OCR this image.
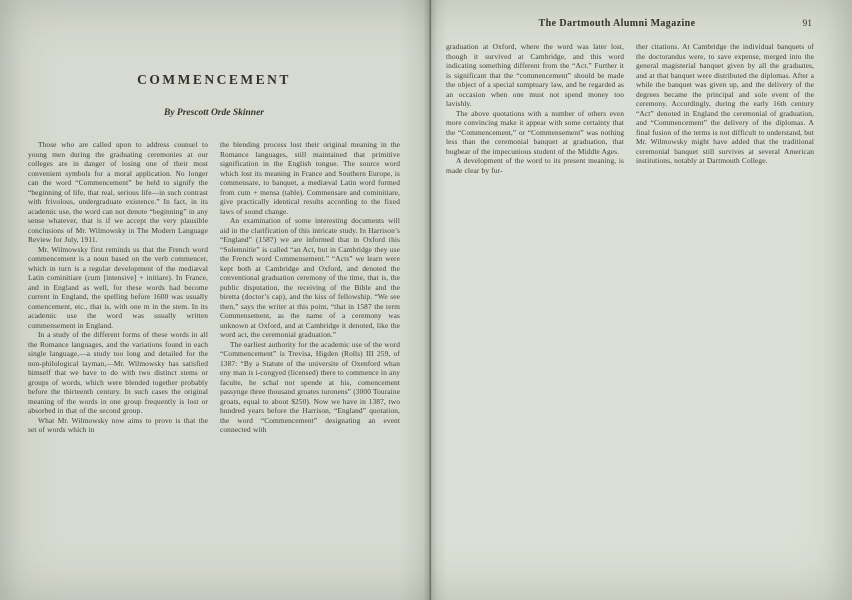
COMMENCEMENT
By Prescott Orde Skinner

Those who are called upon to address counsel to young men during the graduating ceremonies at our colleges are in danger of losing one of their most convenient symbols for a moral application. No longer can the word “Commencement” be held to signify the “beginning of life, that real, serious life—in such contrast with frivolous, undergraduate existence.” In fact, in its academic use, the word can not denote “beginning” in any sense whatever, that is if we accept the very plausible conclusions of Mr. Wilmowsky in The Modern Language Review for July, 1911.

Mr. Wilmowsky first reminds us that the French word commencement is a noun based on the verb commencer, which in turn is a regular development of the mediæval Latin cominitiare (cum [intensive] + initiare). In France, and in England as well, for these words had become current in England, the spelling before 1600 was usually comencement, etc., that is, with one m in the stem. In its academic use the word was usually written commensement in England.

In a study of the different forms of these words in all the Romance languages, and the variations found in each single language,—a study too long and detailed for the non-philological layman,—Mr. Wilmowsky has satisfied himself that we have to do with two distinct stems or groups of words, which were blended together probably before the thirteenth century. In such cases the original meaning of the words in one group frequently is lost or absorbed in that of the second group.

What Mr. Wilmowsky now aims to prove is that the set of words which in

the blending process lost their original meaning in the Romance languages, still maintained that primitive signification in the English tongue. The source word which lost its meaning in France and Southern Europe, is commensare, to banquet, a mediæval Latin word formed from cum + mensa (table). Commensare and cominitiare, give practically identical results according to the fixed laws of sound change.

An examination of some interesting documents will aid in the clarification of this intricate study. In Harrison’s “England” (1587) we are informed that in Oxford this “Solemnitie” is called “an Act, but in Cambridge they use the French word Commensement.” “Acts” we learn were kept both at Cambridge and Oxford, and denoted the conventional graduation ceremony of the time, that is, the public disputation, the receiving of the Bible and the biretta (doctor’s cap), and the kiss of fellowship. “We see then,” says the writer at this point, “that in 1587 the term Commensement, as the name of a ceremony was unknown at Oxford, and at Cambridge it denoted, like the word act, the ceremonial graduation.”

The earliest authority for the academic use of the word “Commencement” is Trevisa, Higden (Rolls) III 259, of 1387: “By a Statute of the universite of Oxenford whan eny man is i-congyed (licensed) there to commence in any faculte, he schal not spende at his, comencement passynge three thousand groates turonens” (3000 Touraine groats, equal to about $250). Now we have in 1387, two hundred years before the Harrison, “England” quotation, the word “Commencement” designating an event connected with

The Dartmouth Alumni Magazine	91

graduation at Oxford, where the word was later lost, though it survived at Cambridge, and this word indicating something different from the “Act.” Further it is significant that the “commencement” should be made the object of a special sumptuary law, and be regarded as an occasion when one must not spend money too lavishly.

The above quotations with a number of others even more convincing make it appear with some certainty that the “Commencement,” or “Commensement” was nothing less than the ceremonial banquet at graduation, that bugbear of the impecunious student of the Middle Ages.

A development of the word to its present meaning, is made clear by fur-

ther citations. At Cambridge the individual banquets of the doctorandus were, to save expense, merged into the general magisterial banquet given by all the graduates, and at that banquet were distributed the diplomas. After a while the banquet was given up, and the delivery of the degrees became the principal and sole event of the ceremony. Accordingly, during the early 16th century “Act” denoted in England the ceremonial of graduation, and “Commencement” the delivery of the diplomas. A final fusion of the terms is not difficult to understand, but Mr. Wilmowsky might have added that the traditional ceremonial banquet still survives at several American institutions, notably at Dartmouth College.
